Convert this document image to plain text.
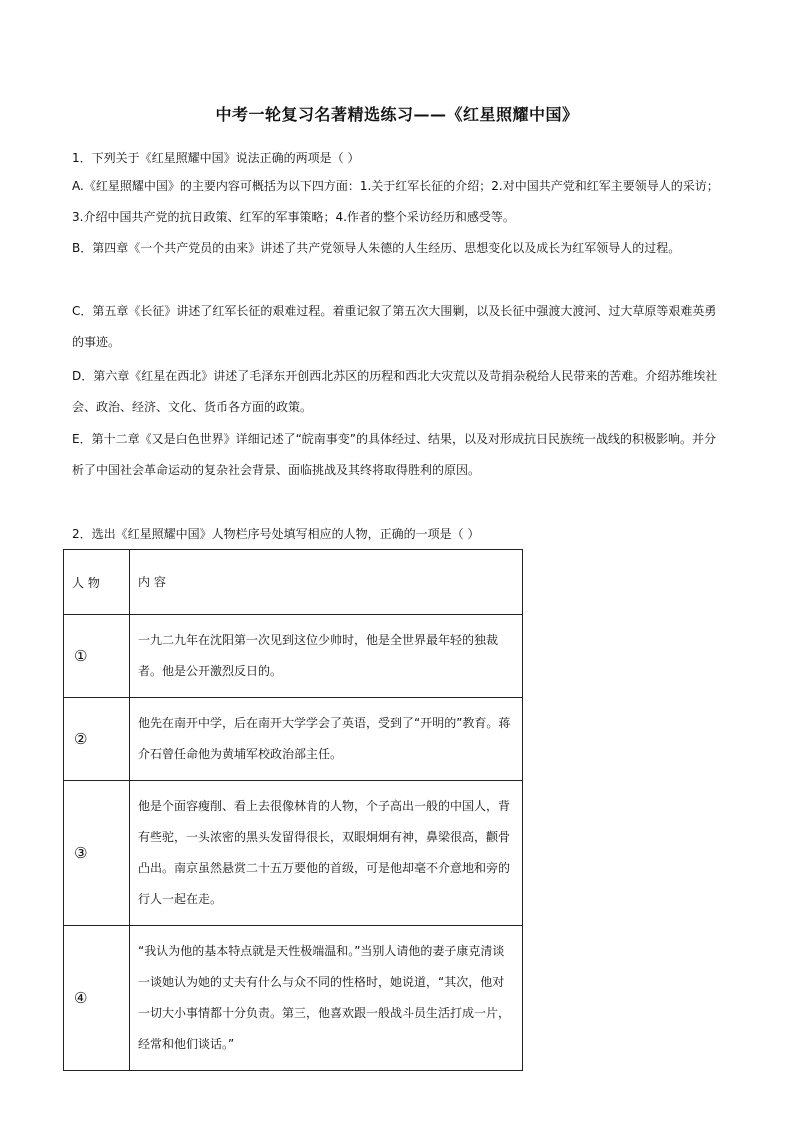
中考一轮复习名著精选练习——《红星照耀中国》

1．下列关于《红星照耀中国》说法正确的两项是（ ）

A.《红星照耀中国》的主要内容可概括为以下四方面：1.关于红军长征的介绍；2.对中国共产党和红军主要领导人的采访；3.介绍中国共产党的抗日政策、红军的军事策略；4.作者的整个采访经历和感受等。

B．第四章《一个共产党员的由来》讲述了共产党领导人朱德的人生经历、思想变化以及成长为红军领导人的过程。

C．第五章《长征》讲述了红军长征的艰难过程。着重记叙了第五次大围剿，以及长征中强渡大渡河、过大草原等艰难英勇的事迹。

D．第六章《红星在西北》讲述了毛泽东开创西北苏区的历程和西北大灾荒以及苛捐杂税给人民带来的苦难。介绍苏维埃社会、政治、经济、文化、货币各方面的政策。

E．第十二章《又是白色世界》详细记述了“皖南事变”的具体经过、结果，以及对形成抗日民族统一战线的积极影响。并分析了中国社会革命运动的复杂社会背景、面临挑战及其终将取得胜利的原因。

2．选出《红星照耀中国》人物栏序号处填写相应的人物，正确的一项是（ ）

人 物	内 容
①	一九二九年在沈阳第一次见到这位少帅时，他是全世界最年轻的独裁者。他是公开激烈反日的。
②	他先在南开中学，后在南开大学学会了英语，受到了“开明的”教育。蒋介石曾任命他为黄埔军校政治部主任。
③	他是个面容瘦削、看上去很像林肯的人物，个子高出一般的中国人，背有些驼，一头浓密的黑头发留得很长，双眼炯炯有神，鼻梁很高，颧骨凸出。南京虽然悬赏二十五万要他的首级，可是他却毫不介意地和旁的行人一起在走。
④	“我认为他的基本特点就是天性极端温和。”当别人请他的妻子康克清谈一谈她认为她的丈夫有什么与众不同的性格时，她说道，“其次，他对一切大小事情都十分负责。第三，他喜欢跟一般战斗员生活打成一片，经常和他们谈话。”
